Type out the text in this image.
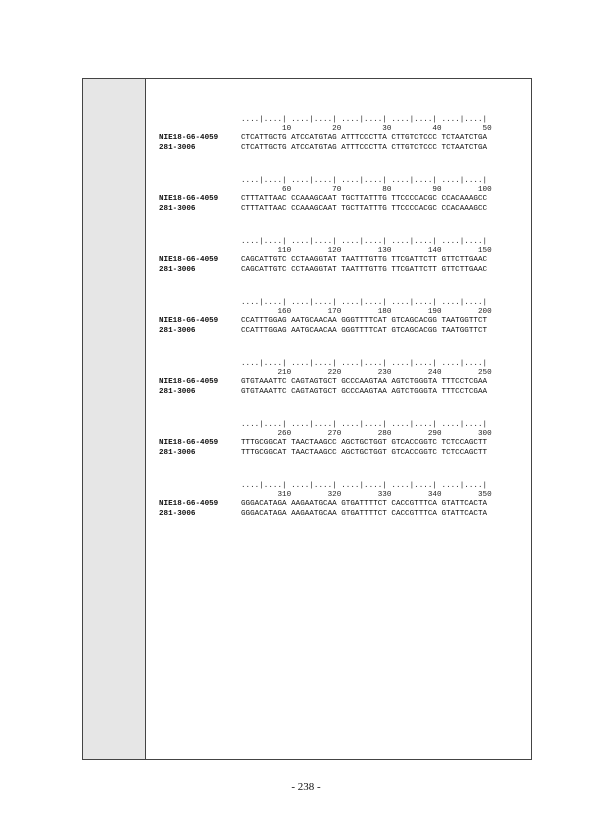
....|....| ....|....| ....|....| ....|....| ....|....|
10         20         30         40         50
NIE18-G6-4059	CTCATTGCTG ATCCATGTAG ATTTCCCTTA CTTGTCTCCC TCTAATCTGA
281-3006	CTCATTGCTG ATCCATGTAG ATTTCCCTTA CTTGTCTCCC TCTAATCTGA
....|....| ....|....| ....|....| ....|....| ....|....|
60         70         80         90        100
NIE18-G6-4059	CTTTATTAAC CCAAAGCAAT TGCTTATTTG TTCCCCACGC CCACAAAGCC
281-3006	CTTTATTAAC CCAAAGCAAT TGCTTATTTG TTCCCCACGC CCACAAAGCC
....|....| ....|....| ....|....| ....|....| ....|....|
110        120        130        140        150
NIE18-G6-4059	CAGCATTGTC CCTAAGGTAT TAATTTGTTG TTCGATTCTT GTTCTTGAAC
281-3006	CAGCATTGTC CCTAAGGTAT TAATTTGTTG TTCGATTCTT GTTCTTGAAC
....|....| ....|....| ....|....| ....|....| ....|....|
160        170        180        190        200
NIE18-G6-4059	CCATTTGGAG AATGCAACAA GGGTTTTCAT GTCAGCACGG TAATGGTTCT
281-3006	CCATTTGGAG AATGCAACAA GGGTTTTCAT GTCAGCACGG TAATGGTTCT
....|....| ....|....| ....|....| ....|....| ....|....|
210        220        230        240        250
NIE18-G6-4059	GTGTAAATTC CAGTAGTGCT GCCCAAGTAA AGTCTGGGTA TTTCCTCGAA
281-3006	GTGTAAATTC CAGTAGTGCT GCCCAAGTAA AGTCTGGGTA TTTCCTCGAA
....|....| ....|....| ....|....| ....|....| ....|....|
260        270        280        290        300
NIE18-G6-4059	TTTGCGGCAT TAACTAAGCC AGCTGCTGGT GTCACCGGTC TCTCCAGCTT
281-3006	TTTGCGGCAT TAACTAAGCC AGCTGCTGGT GTCACCGGTC TCTCCAGCTT
....|....| ....|....| ....|....| ....|....| ....|....|
310        320        330        340        350
NIE18-G6-4059	GGGACATAGA AAGAATGCAA GTGATTTTCT CACCGTTTCA GTATTCACTA
281-3006	GGGACATAGA AAGAATGCAA GTGATTTTCT CACCGTTTCA GTATTCACTA
- 238 -
